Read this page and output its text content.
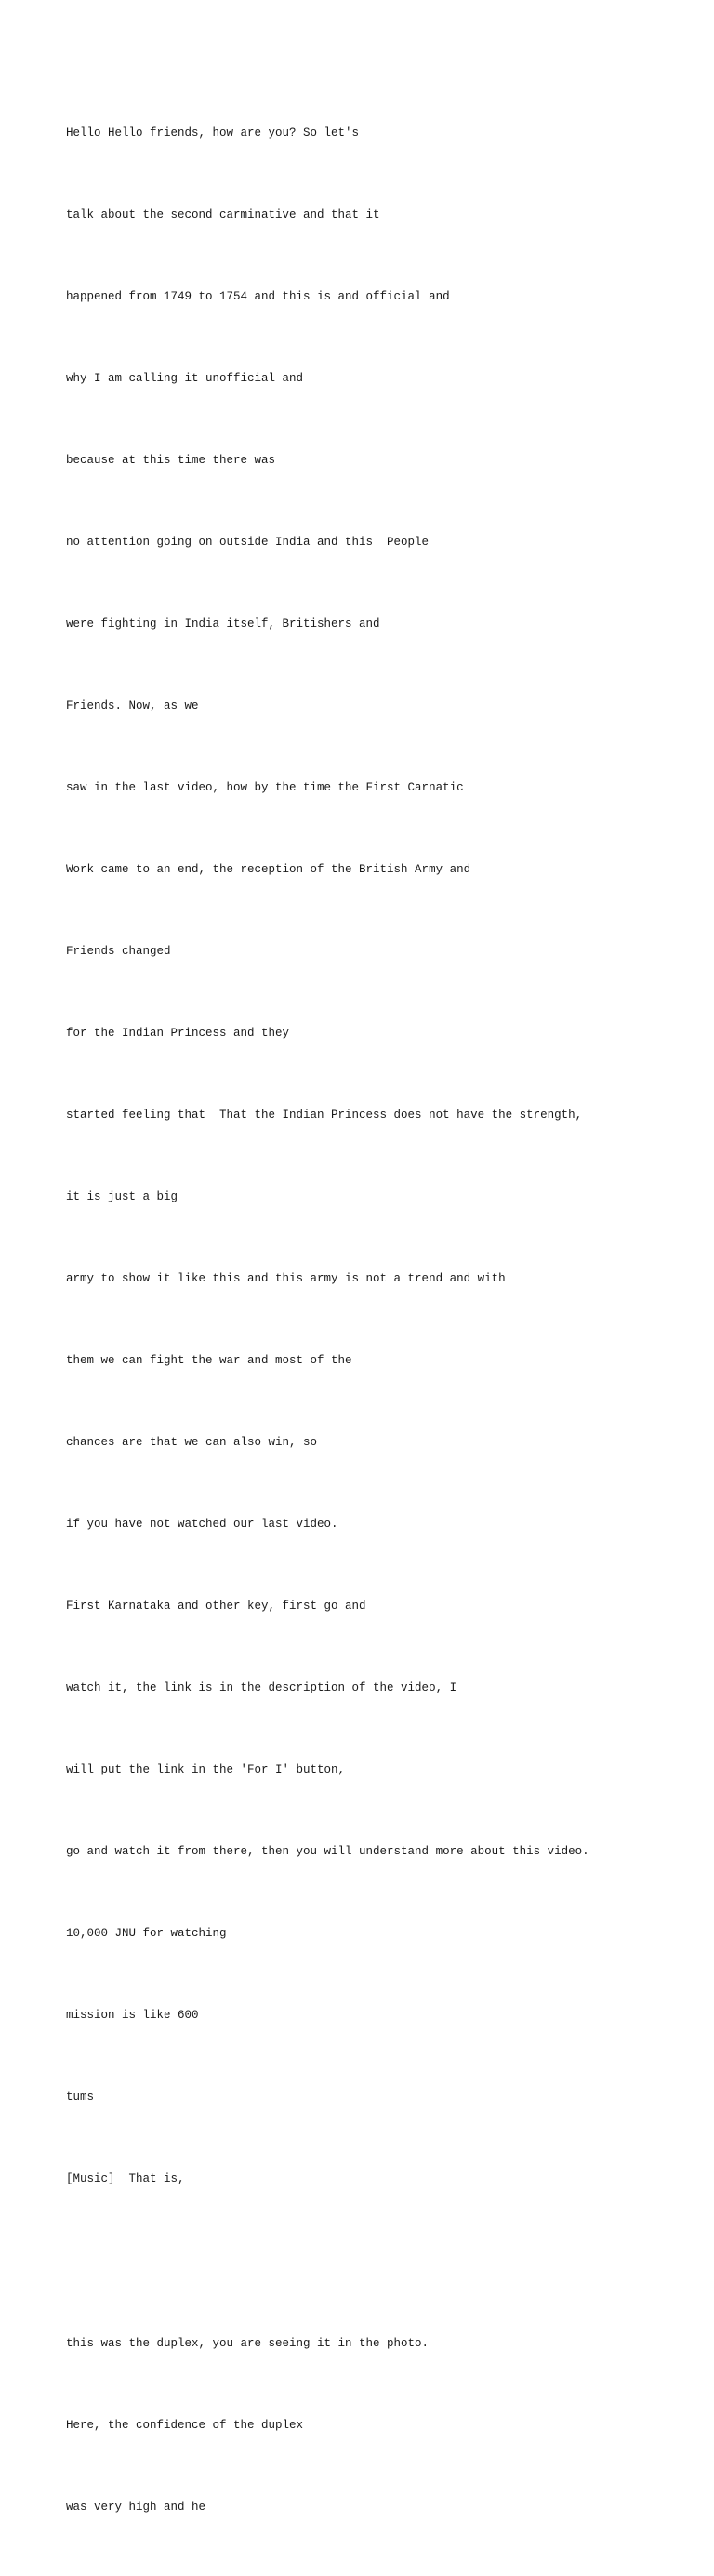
Hello Hello friends, how are you? So let's

talk about the second carminative and that it

happened from 1749 to 1754 and this is and official and

why I am calling it unofficial and

because at this time there was

no attention going on outside India and this  People

were fighting in India itself, Britishers and

Friends. Now, as we

saw in the last video, how by the time the First Carnatic

Work came to an end, the reception of the British Army and

Friends changed

for the Indian Princess and they

started feeling that  That the Indian Princess does not have the strength,

it is just a big

army to show it like this and this army is not a trend and with

them we can fight the war and most of the

chances are that we can also win, so

if you have not watched our last video.

First Karnataka and other key, first go and

watch it, the link is in the description of the video, I

will put the link in the 'For I' button,

go and watch it from there, then you will understand more about this video.

10,000 JNU for watching

mission is like 600

tums

[Music]  That is,

this was the duplex, you are seeing it in the photo.

Here, the confidence of the duplex

was very high and he
